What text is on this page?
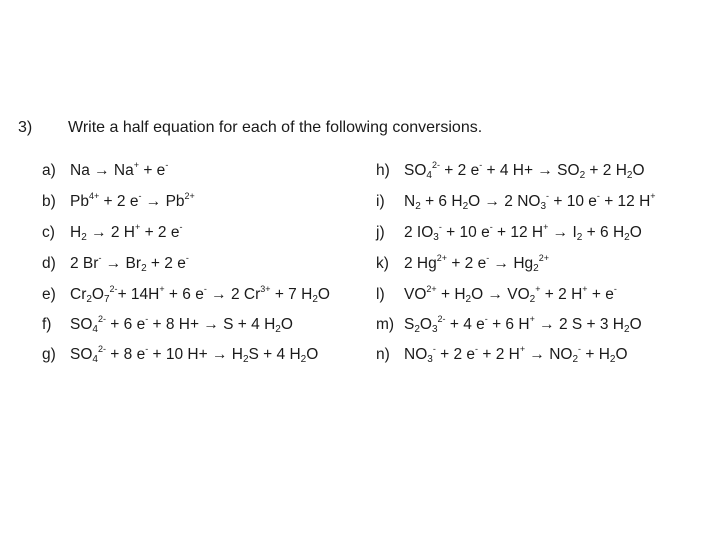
3) Write a half equation for each of the following conversions.
a) Na → Na+ + e-
b) $Pb^{4+} + 2$ $e^- \to Pb^{2+}$
c) $H_2 \to 2$ H+ + 2 e-
d) 2 $Br^- \to Br_2 + 2$ e-
e) $Cr_2O_7^{2-}+ 14H^+ + 6$ e- → 2 $Cr^{3+} + 7$ $H_2O$
f) $SO_4^{2-} + 6$ e- + 8 H+ → S + 4 $H_2O$
g) $SO_4^{2-} + 8$ e- + 10 $H+ \to H_2S + 4$ $H_2O$
h) $SO_4^{2-} + 2$ e- + 4 $H+ \to SO_2 + 2$ $H_2O$
i) $N_2 + 6$ $H_2O \to 2$ $NO_3^- + 10$ e- + 12 H+
j) 2 $IO_3^- + 10$ e- + 12 $H^+ \to I_2 + 6$ $H_2O$
k) 2 $Hg^{2+} + 2$ $e^- \to Hg_2^{2+}$
l) $VO^{2+} + H_2O \to VO_2^+ + 2$ H+ + e-
m) $S_2O_3^{2-} + 4$ e- + 6 H+ → 2 S + 3 $H_2O$
n) $NO_3^- + 2$ e- + 2 $H^+ \to NO_2^- + H_2O$
